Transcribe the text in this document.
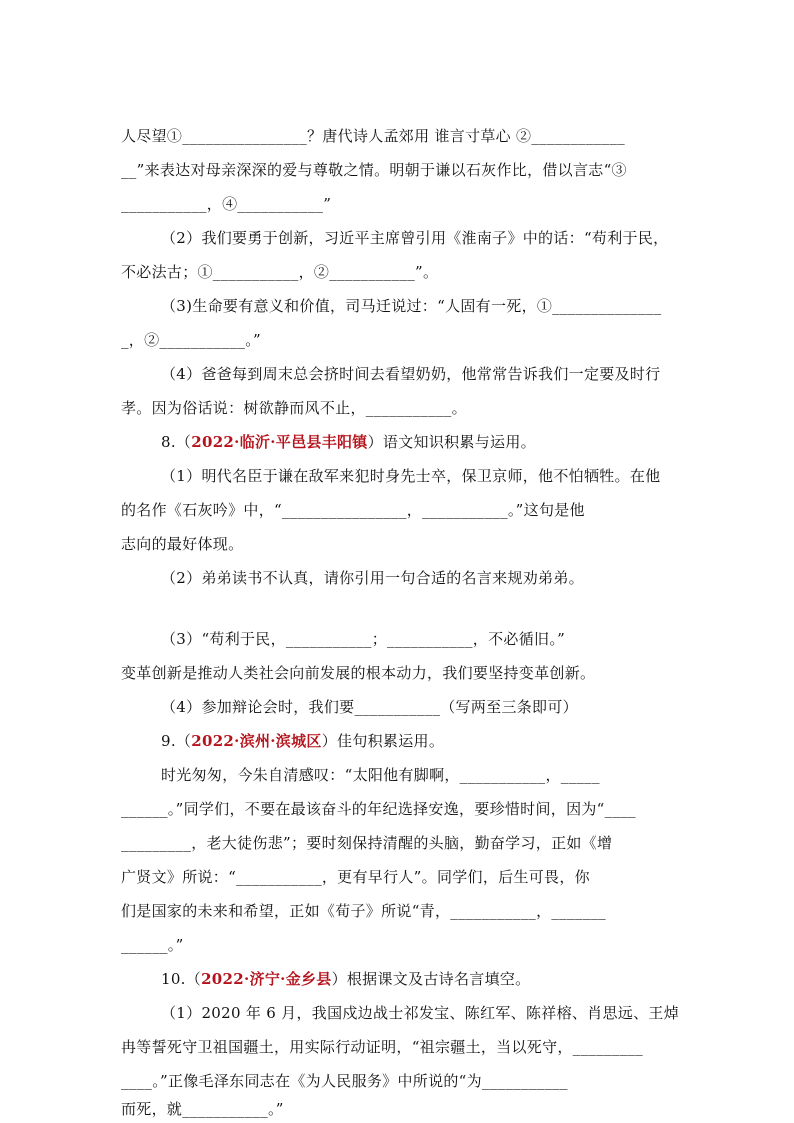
人尽望①________________？唐代诗人孟郊用 谁言寸草心 ②____________
__”来表达对母亲深深的爱与尊敬之情。明朝于谦以石灰作比，借以言志“③
___________，④___________”
（2）我们要勇于创新，习近平主席曾引用《淮南子》中的话：“苟利于民，
不必法古；①___________，②___________”。
（3)生命要有意义和价值，司马迁说过：“人固有一死，①______________
_，②___________。”
（4）爸爸每到周末总会挤时间去看望奶奶，他常常告诉我们一定要及时行
孝。因为俗话说：树欲静而风不止，___________。
8.（2022·临沂·平邑县丰阳镇）语文知识积累与运用。
（1）明代名臣于谦在敌军来犯时身先士卒，保卫京师，他不怕牺牲。在他
的名作《石灰吟》中，“________________，___________。”这句是他
志向的最好体现。
（2）弟弟读书不认真，请你引用一句合适的名言来规劝弟弟。
（3）“苟利于民，___________；___________，不必循旧。”
变革创新是推动人类社会向前发展的根本动力，我们要坚持变革创新。
（4）参加辩论会时，我们要___________（写两至三条即可）
9.（2022·滨州·滨城区）佳句积累运用。
时光匆匆，今朱自清感叹：“太阳他有脚啊，___________，_____
______。”同学们，不要在最该奋斗的年纪选择安逸，要珍惜时间，因为“____
_________，老大徒伤悲”；要时刻保持清醒的头脑，勤奋学习，正如《增
广贤文》所说：“___________，更有早行人”。同学们，后生可畏，你
们是国家的未来和希望，正如《荀子》所说“青，___________，_______
______。”
10.（2022·济宁·金乡县）根据课文及古诗名言填空。
（1）2020 年 6 月，我国戍边战士祁发宝、陈红军、陈祥榕、肖思远、王焯
冉等誓死守卫祖国疆土，用实际行动证明，“祖宗疆土，当以死守，_________
____。”正像毛泽东同志在《为人民服务》中所说的“为___________
而死，就___________。”
